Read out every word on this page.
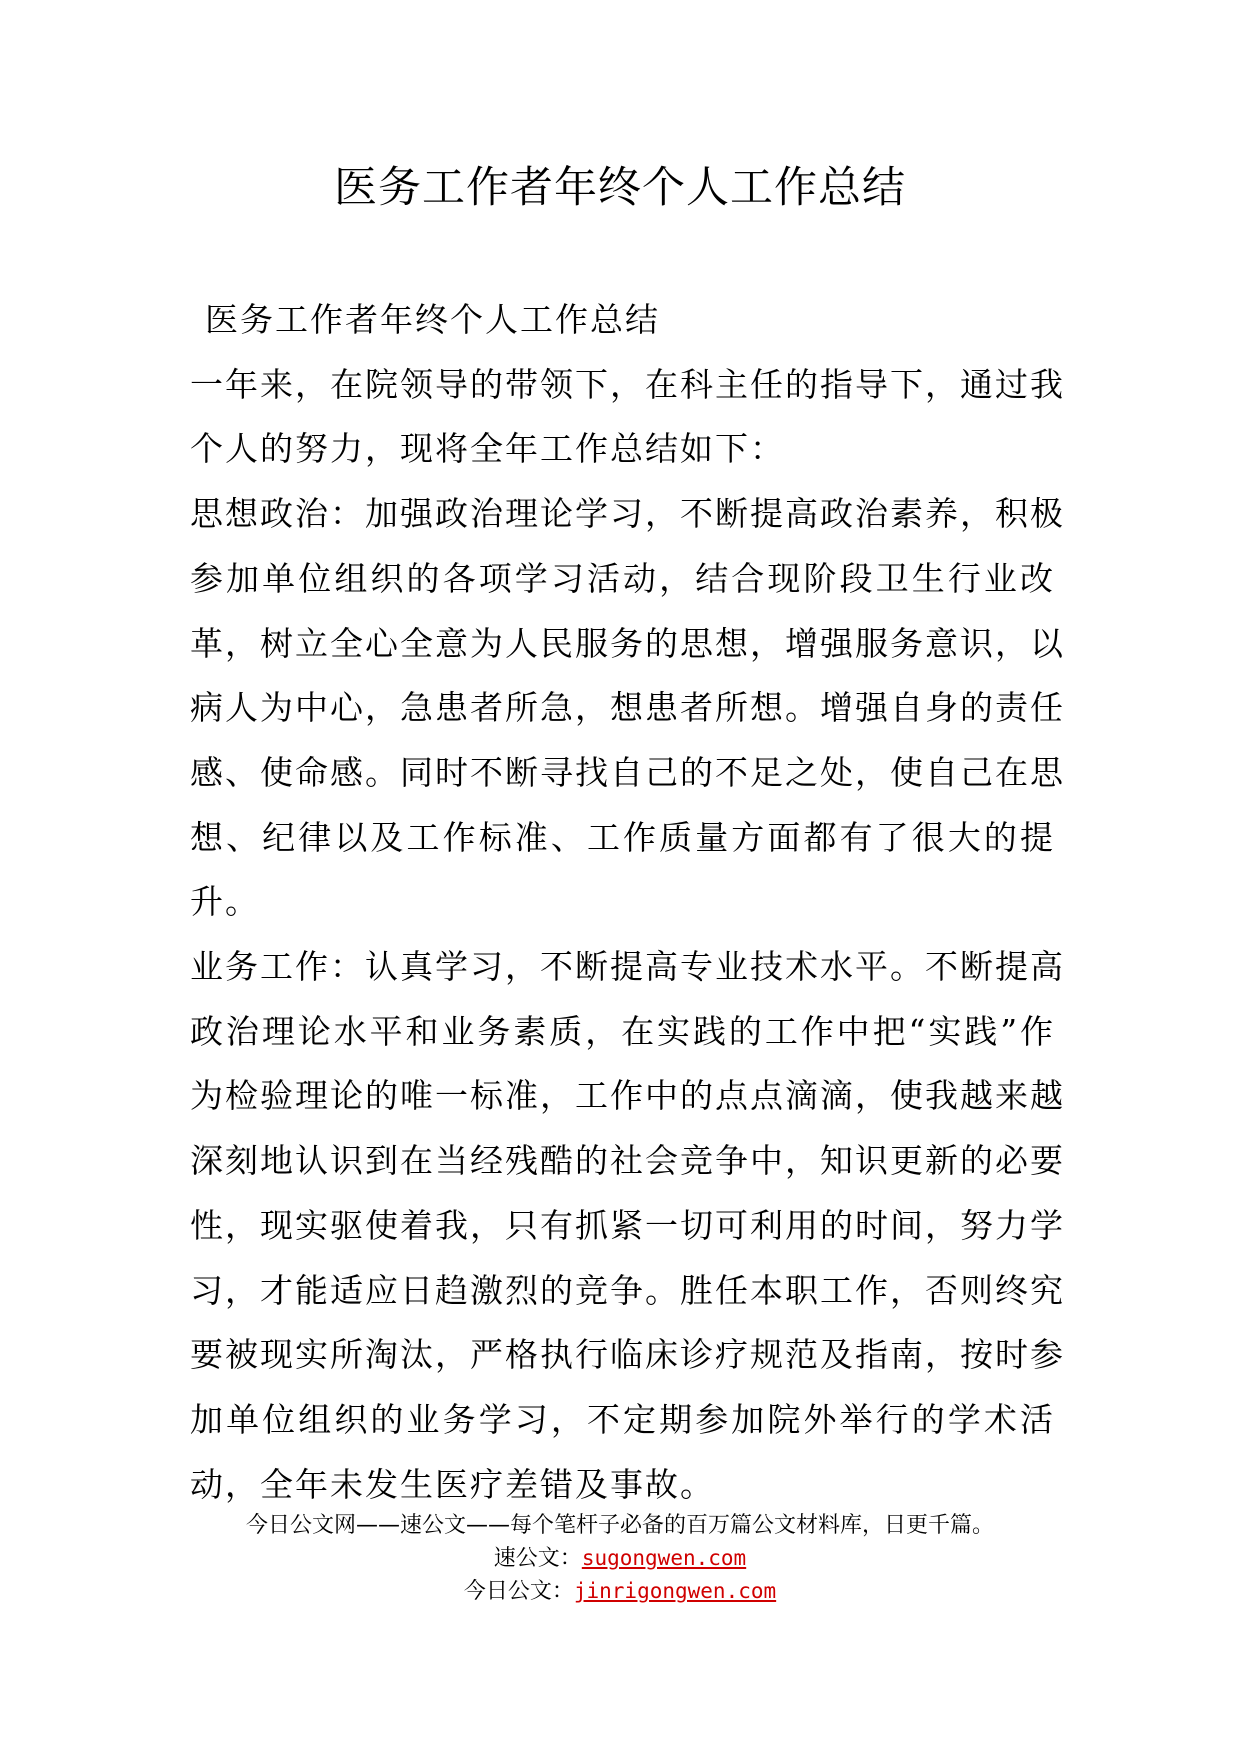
医务工作者年终个人工作总结
医务工作者年终个人工作总结
一年来，在院领导的带领下，在科主任的指导下，通过我
个人的努力，现将全年工作总结如下：
思想政治：加强政治理论学习，不断提高政治素养，积极
参加单位组织的各项学习活动，结合现阶段卫生行业改
革，树立全心全意为人民服务的思想，增强服务意识，以
病人为中心，急患者所急，想患者所想。增强自身的责任
感、使命感。同时不断寻找自己的不足之处，使自己在思
想、纪律以及工作标准、工作质量方面都有了很大的提
升。
业务工作：认真学习，不断提高专业技术水平。不断提高
政治理论水平和业务素质，在实践的工作中把“实践”作
为检验理论的唯一标准，工作中的点点滴滴，使我越来越
深刻地认识到在当经残酷的社会竞争中，知识更新的必要
性，现实驱使着我，只有抓紧一切可利用的时间，努力学
习，才能适应日趋激烈的竞争。胜任本职工作，否则终究
要被现实所淘汰，严格执行临床诊疗规范及指南，按时参
加单位组织的业务学习，不定期参加院外举行的学术活
动，全年未发生医疗差错及事故。
今日公文网——速公文——每个笔杆子必备的百万篇公文材料库，日更千篇。
速公文：sugongwen.com
今日公文：jinrigongwen.com
